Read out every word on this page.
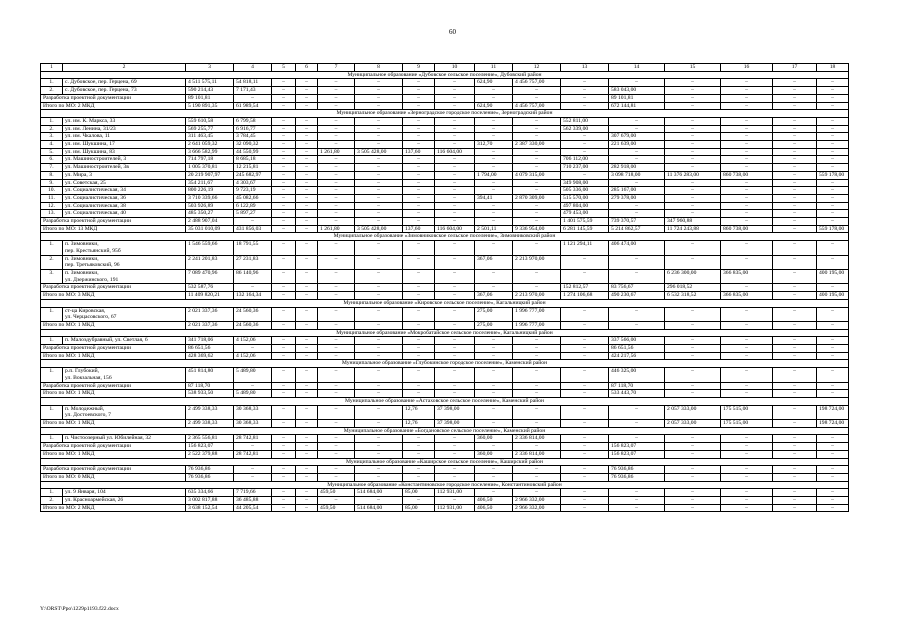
60
1	2	3	4	5	6	7	8	9	10	11	12	13	14	15	16	17	18
Муниципальное образование «Дубовское сельское поселение», Дубовский район																	
1.	с. Дубовское, пер. Герцена, 69	4 511 575,11	54 818,11	–	–	–	–	–	–	624,90	4 456 757,00	–	–	–	–	–	–
2.	с. Дубовское, пер. Герцена, 73	590 214,43	7 171,43	–	–	–	–	–	–	–	–	–	583 043,00	–	–	–	–
Разработка проектной документации		89 101,81	–	–	–	–	–	–	–	–	–	–	89 101,81	–	–	–	–
Итого по МО: 2 МКД		5 190 891,35	61 989,54	–	–	–	–	–	–	624,90	4 456 757,00	–	672 144,81	–	–	–	–
Муниципальное образование «Зерноградское городское поселение», Зерноградский район																	
1.	ул. им. К. Маркса, 33	559 610,58	6 799,58	–	–	–	–	–	–	–	–	552 811,00	–	–	–	–	–
2.	ул. им. Ленина, 31/23	569 255,77	6 916,77	–	–	–	–	–	–	–	–	562 339,00	–	–	–	–	–
3.	ул. им. Чкалова, 11	311 463,45	3 784,45	–	–	–	–	–	–	–	–	–	307 679,00	–	–	–	–
4.	ул. им. Шукшина, 17	2 641 059,32	32 090,32	–	–	–	–	–	–	312,70	2 387 330,00	–	221 639,00	–	–	–	–
5.	ул. им. Шукшина, 83	3 666 582,99	44 550,99	–	–	1 261,80	3 505 428,00	137,60	116 604,00	–	–	–	–	–	–	–	–
6.	ул. Машиностроителей, 3	714 797,18	8 685,18	–	–	–	–	–	–	–	–	706 112,00	–	–	–	–	–
7.	ул. Машиностроителей, 3в	1 005 370,81	12 215,81	–	–	–	–	–	–	–	–	710 237,00	282 918,00	–	–	–	–
8.	ул. Мира, 3	20 219 907,97	245 682,97	–	–	–	–	–	–	1 794,00	4 079 315,00	–	3 098 718,00	11 376 283,00	860 738,00	–	559 178,00
9.	ул. Советская, 25	354 211,67	4 303,67	–	–	–	–	–	–	–	–	349 908,00	–	–	–	–	–
10.	ул. Социалистическая, 34	800 226,19	9 723,19	–	–	–	–	–	–	–	–	505 336,00	285 167,00	–	–	–	–
11.	ул. Социалистическая, 36	3 710 339,66	45 082,66	–	–	–	–	–	–	394,41	2 870 309,00	515 570,00	279 378,00	–	–	–	–
12.	ул. Социалистическая, 38	503 926,89	6 122,89	–	–	–	–	–	–	–	–	497 804,00	–	–	–	–	–
13.	ул. Социалистическая, 40	485 350,27	5 897,27	–	–	–	–	–	–	–	–	479 453,00	–	–	–	–	–
Разработка проектной документации		2 488 907,04	–	–	–	–	–	–	–	–	–	1 401 575,59	739 370,57	347 960,88	–	–	–
Итого по МО: 13 МКД		35 031 010,09	431 856,03	–	–	1 261,80	3 505 428,00	137,60	116 604,00	2 501,11	9 336 954,00	6 281 145,59	5 214 862,57	11 724 243,88	860 738,00	–	559 178,00
Муниципальное образование «Зимовниковское сельское поселение», Зимовниковский район																	
1.	п. Зимовники,
пер. Крестьянский, 95б	1 546 559,66	18 791,55	–	–	–	–	–	–	–	–	1 121 294,11	406 474,00	–	–	–	–
2.	п. Зимовники,
пер. Третьяковский, 96	2 241 201,83	27 231,83	–	–	–	–	–	–	367,06	2 213 970,00	–	–	–	–	–	–
3.	п. Зимовники,
ул. Дзержинского, 191	7 089 470,96	86 140,96	–	–	–	–	–	–	–	–	–	–	6 236 300,00	366 835,00	–	400 195,00
Разработка проектной документации		532 587,76	–	–	–	–	–	–	–	–	–	152 812,57	83 756,67	296 018,52	–	–	–
Итого по МО: 3 МКД		11 409 820,21	132 164,34	–	–	–	–	–	–	367,06	2 213 970,00	1 274 106,68	490 230,67	6 532 318,52	366 835,00	–	400 195,00
Муниципальное образование «Кировское сельское поселение», Кагальницкий район																	
1.	ст-ца Кировская,
ул. Черцасовского, 67	2 021 337,36	24 560,36	–	–	–	–	–	–	275,00	1 996 777,00	–	–	–	–	–	–
Итого по МО: 1 МКД		2 021 337,36	24 560,36	–	–	–	–	–	–	275,00	1 996 777,00	–	–	–	–	–	–
Муниципальное образование «Мокробатайское сельское поселение», Кагальницкий район																	
1.	п. Малоэдубравный, ул. Светлая, 6	341 718,06	4 152,06	–	–	–	–	–	–	–	–	–	337 566,00	–	–	–	–
Разработка проектной документации		86 651,56	–	–	–	–	–	–	–	–	–	–	86 651,56	–	–	–	–
Итого по МО: 1 МКД		428 369,62	4 152,06	–	–	–	–	–	–	–	–	–	424 217,56	–	–	–	–
Муниципальное образование «Глубокинское городское поселение», Каменский район																	
1.	р.п. Глубокий,
ул. Вокзальная, 156	451 814,80	5 489,80	–	–	–	–	–	–	–	–	–	446 325,00	–	–	–	–
Разработка проектной документации		87 118,70	–	–	–	–	–	–	–	–	–	–	87 118,70	–	–	–	–
Итого по МО: 1 МКД		538 933,50	5 489,80	–	–	–	–	–	–	–	–	–	533 443,70	–	–	–	–
Муниципальное образование «Астаховское сельское поселение», Каменский район																	
1.	п. Молодежный,
ул. Достоевского, 7	2 499 338,33	30 368,33	–	–	–	–	12,76	37 398,00	–	–	–	–	2 057 333,00	175 515,00	–	198 724,00
Итого по МО: 1 МКД		2 499 338,33	30 368,33	–	–	–	–	12,76	37 398,00	–	–	–	–	2 057 333,00	175 515,00	–	198 724,00
Муниципальное образование «Богдановское сельское поселение», Каменский район																	
1.	п. Чистоозерный ул. Юбилейная, 32	2 365 556,81	28 742,81	–	–	–	–	–	–	360,00	2 336 814,00	–	–	–	–	–	–
Разработка проектной документации		156 823,07	–	–	–	–	–	–	–	–	–	–	156 823,07	–	–	–	–
Итого по МО: 1 МКД		2 522 379,88	28 742,81	–	–	–	–	–	–	360,00	2 336 814,00	–	156 823,07	–	–	–	–
Муниципальное образование «Каширское сельское поселение», Каширский район																	
Разработка проектной документации		76 936,86	–	–	–	–	–	–	–	–	–	–	76 936,86	–	–	–	–
Итого по МО: 0 МКД		76 936,86	–	–	–	–	–	–	–	–	–	–	76 936,86	–	–	–	–
Муниципальное образование «Константиновское городское поселение», Константиновский район																	
1.	ул. 9 Января, 104	635 334,66	7 719,66	–	–	459,50	514 684,00	85,00	112 931,00	–	–	–	–	–	–	–	–
2.	ул. Красноармейская, 26	3 002 817,88	36 485,88	–	–	–	–	–	–	406,50	2 966 332,00	–	–	–	–	–	–
Итого по МО: 2 МКД		3 638 152,54	44 205,54	–	–	459,50	514 684,00	85,00	112 931,00	406,50	2 966 332,00	–	–	–	–	–	–
Y:\ORST\Ppo\1229p1193.f22.docx
